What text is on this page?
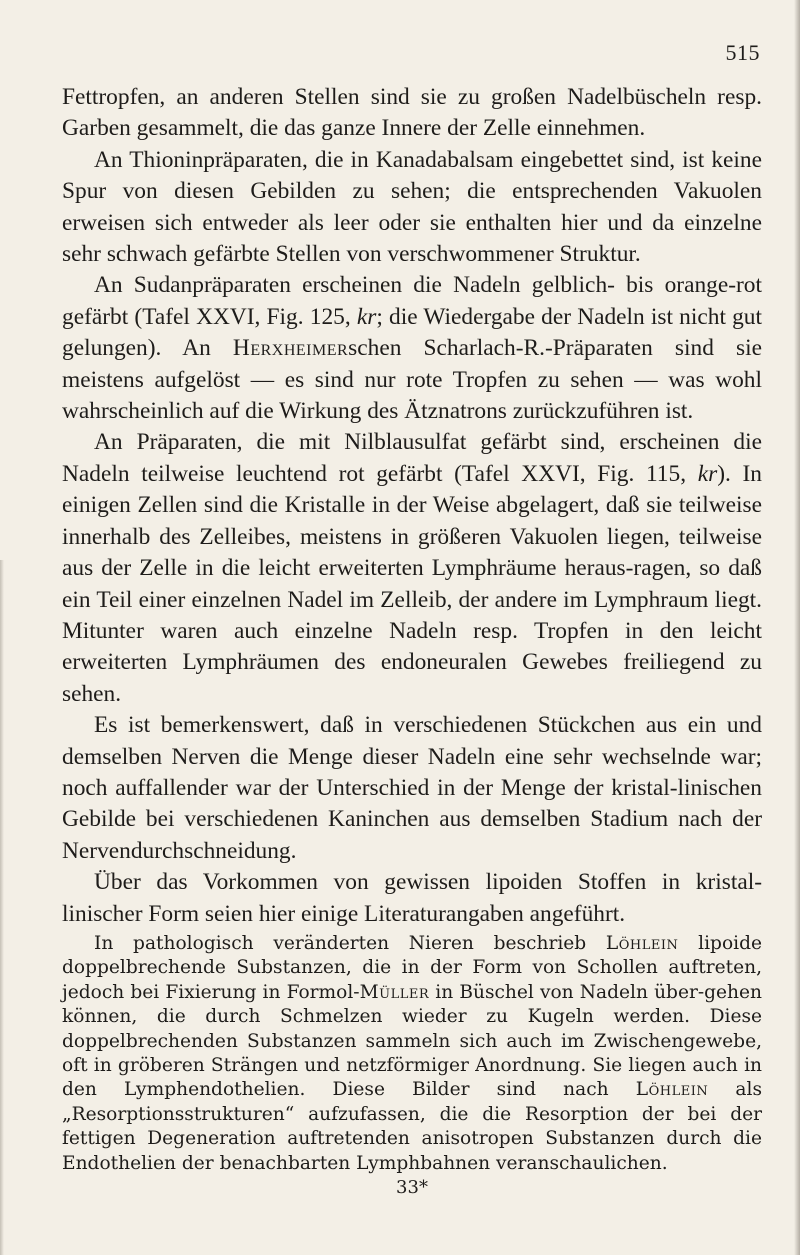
515

Fettropfen, an anderen Stellen sind sie zu großen Nadelbüscheln resp. Garben gesammelt, die das ganze Innere der Zelle einnehmen.

An Thioninpräparaten, die in Kanadabalsam eingebettet sind, ist keine Spur von diesen Gebilden zu sehen; die entsprechenden Vakuolen erweisen sich entweder als leer oder sie enthalten hier und da einzelne sehr schwach gefärbte Stellen von verschwommener Struktur.

An Sudanpräparaten erscheinen die Nadeln gelblich- bis orange-rot gefärbt (Tafel XXVI, Fig. 125, kr; die Wiedergabe der Nadeln ist nicht gut gelungen). An Herxheimerschen Scharlach-R.-Präparaten sind sie meistens aufgelöst — es sind nur rote Tropfen zu sehen — was wohl wahrscheinlich auf die Wirkung des Ätznatrons zurückzuführen ist.

An Präparaten, die mit Nilblausulfat gefärbt sind, erscheinen die Nadeln teilweise leuchtend rot gefärbt (Tafel XXVI, Fig. 115, kr). In einigen Zellen sind die Kristalle in der Weise abgelagert, daß sie teilweise innerhalb des Zelleibes, meistens in größeren Vakuolen liegen, teilweise aus der Zelle in die leicht erweiterten Lymphräume heraus-ragen, so daß ein Teil einer einzelnen Nadel im Zelleib, der andere im Lymphraum liegt. Mitunter waren auch einzelne Nadeln resp. Tropfen in den leicht erweiterten Lymphräumen des endoneuralen Gewebes freiliegend zu sehen.

Es ist bemerkenswert, daß in verschiedenen Stückchen aus ein und demselben Nerven die Menge dieser Nadeln eine sehr wechselnde war; noch auffallender war der Unterschied in der Menge der kristal-linischen Gebilde bei verschiedenen Kaninchen aus demselben Stadium nach der Nervendurchschneidung.

Über das Vorkommen von gewissen lipoiden Stoffen in kristal-linischer Form seien hier einige Literaturangaben angeführt.

In pathologisch veränderten Nieren beschrieb Löhlein lipoide doppelbrechende Substanzen, die in der Form von Schollen auftreten, jedoch bei Fixierung in Formol-Müller in Büschel von Nadeln über-gehen können, die durch Schmelzen wieder zu Kugeln werden. Diese doppelbrechenden Substanzen sammeln sich auch im Zwischengewebe, oft in gröberen Strängen und netzförmiger Anordnung. Sie liegen auch in den Lymphendothelien. Diese Bilder sind nach Löhlein als „Resorptionsstrukturen“ aufzufassen, die die Resorption der bei der fettigen Degeneration auftretenden anisotropen Substanzen durch die Endothelien der benachbarten Lymphbahnen veranschaulichen.

33*
